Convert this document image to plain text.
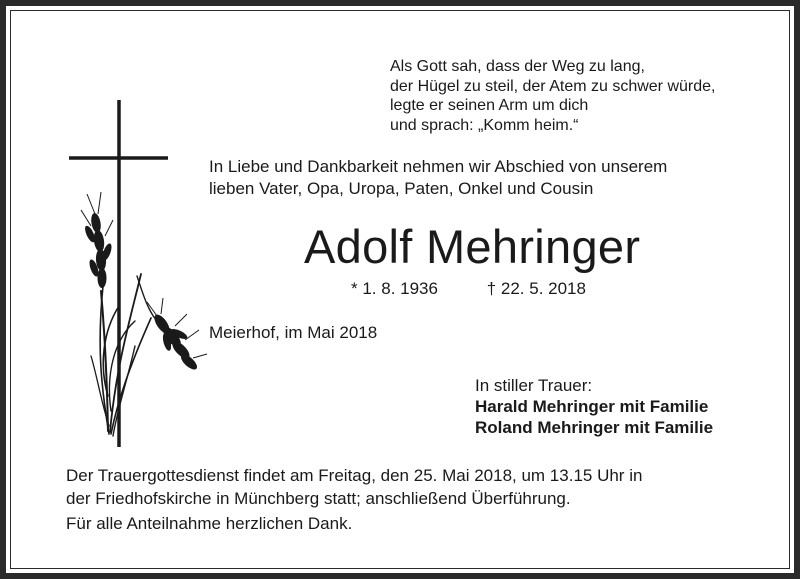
Als Gott sah, dass der Weg zu lang,
der Hügel zu steil, der Atem zu schwer würde,
legte er seinen Arm um dich
und sprach: „Komm heim.“
In Liebe und Dankbarkeit nehmen wir Abschied von unserem
lieben Vater, Opa, Uropa, Paten, Onkel und Cousin
Adolf Mehringer
* 1. 8. 1936	† 22. 5. 2018
Meierhof, im Mai 2018
In stiller Trauer:
Harald Mehringer mit Familie
Roland Mehringer mit Familie
Der Trauergottesdienst findet am Freitag, den 25. Mai 2018, um 13.15 Uhr in
der Friedhofskirche in Münchberg statt; anschließend Überführung.
Für alle Anteilnahme herzlichen Dank.
